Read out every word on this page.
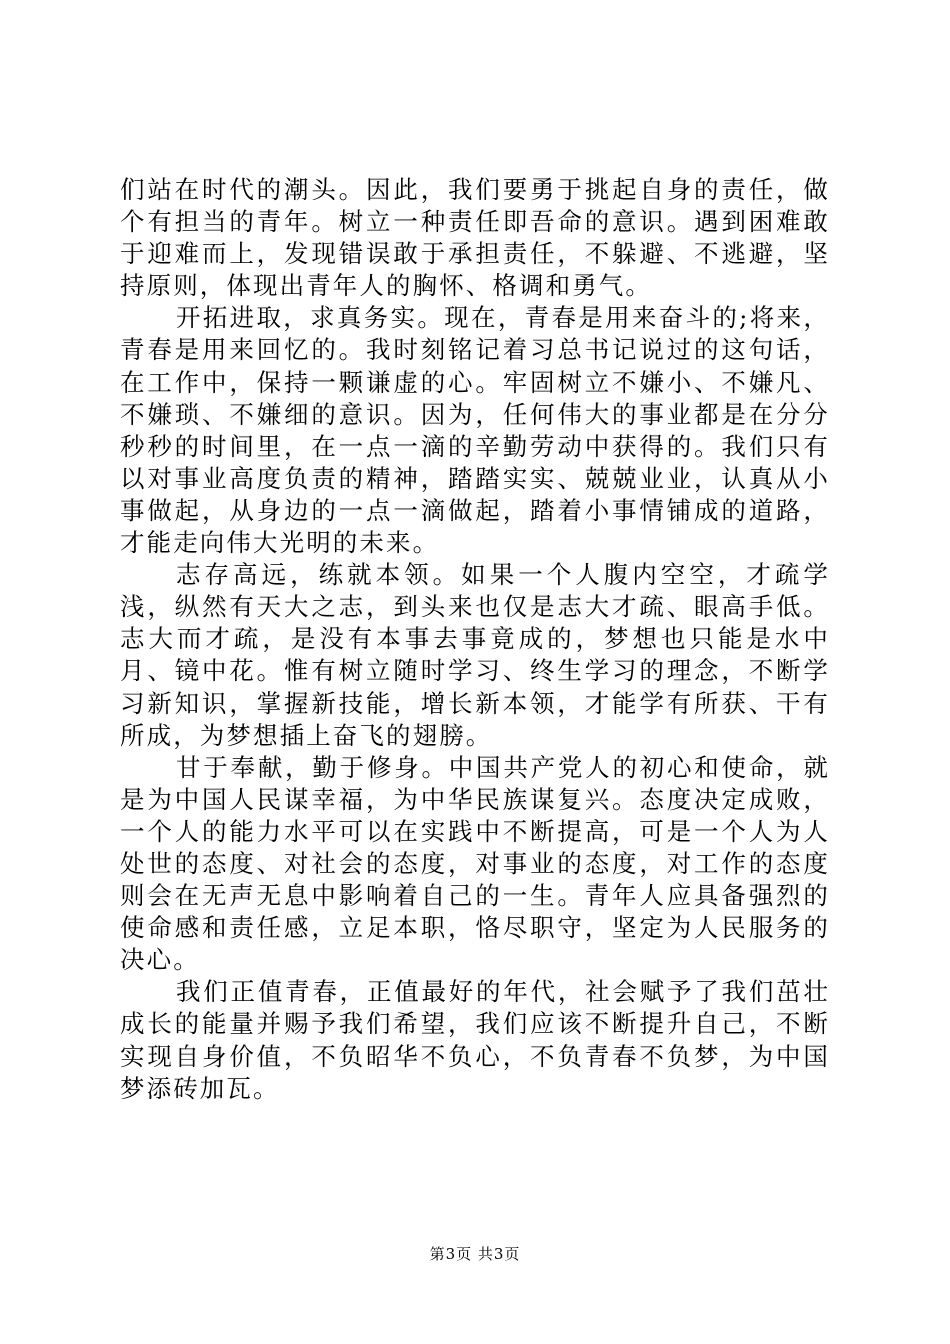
们站在时代的潮头。因此，我们要勇于挑起自身的责任，做个有担当的青年。树立一种责任即吾命的意识。遇到困难敢于迎难而上，发现错误敢于承担责任，不躲避、不逃避，坚持原则，体现出青年人的胸怀、格调和勇气。

开拓进取，求真务实。现在，青春是用来奋斗的;将来，青春是用来回忆的。我时刻铭记着习总书记说过的这句话，在工作中，保持一颗谦虚的心。牢固树立不嫌小、不嫌凡、不嫌琐、不嫌细的意识。因为，任何伟大的事业都是在分分秒秒的时间里，在一点一滴的辛勤劳动中获得的。我们只有以对事业高度负责的精神，踏踏实实、兢兢业业，认真从小事做起，从身边的一点一滴做起，踏着小事情铺成的道路，才能走向伟大光明的未来。

志存高远，练就本领。如果一个人腹内空空，才疏学浅，纵然有天大之志，到头来也仅是志大才疏、眼高手低。志大而才疏，是没有本事去事竟成的，梦想也只能是水中月、镜中花。惟有树立随时学习、终生学习的理念，不断学习新知识，掌握新技能，增长新本领，才能学有所获、干有所成，为梦想插上奋飞的翅膀。

甘于奉献，勤于修身。中国共产党人的初心和使命，就是为中国人民谋幸福，为中华民族谋复兴。态度决定成败，一个人的能力水平可以在实践中不断提高，可是一个人为人处世的态度、对社会的态度，对事业的态度，对工作的态度则会在无声无息中影响着自己的一生。青年人应具备强烈的使命感和责任感，立足本职，恪尽职守，坚定为人民服务的决心。

我们正值青春，正值最好的年代，社会赋予了我们茁壮成长的能量并赐予我们希望，我们应该不断提升自己，不断实现自身价值，不负昭华不负心，不负青春不负梦，为中国梦添砖加瓦。

第3页 共3页
